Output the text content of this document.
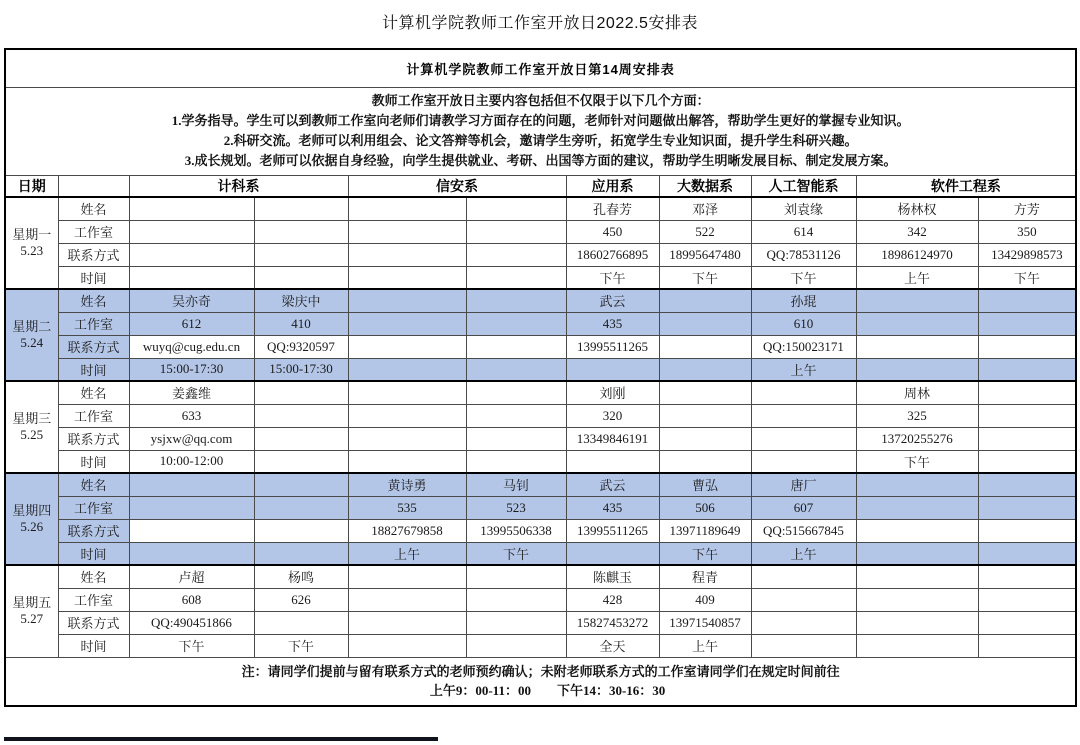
计算机学院教师工作室开放日2022.5安排表
计算机学院教师工作室开放日第14周安排表										

教师工作室开放日主要内容包括但不仅限于以下几个方面：
1.学务指导。学生可以到教师工作室向老师们请教学习方面存在的问题，老师针对问题做出解答，帮助学生更好的掌握专业知识。
2.科研交流。老师可以利用组会、论文答辩等机会，邀请学生旁听，拓宽学生专业知识面，提升学生科研兴趣。
3.成长规划。老师可以依据自身经验，向学生提供就业、考研、出国等方面的建议，帮助学生明晰发展目标、制定发展方案。										

日期		计科系		信安系		应用系	大数据系	人工智能系	软件工程系	

星期一
5.23	姓名					孔春芳	邓泽	刘袁缘	杨林权	方芳
	工作室					450	522	614	342	350
	联系方式					18602766895	18995647480	QQ:78531126	18986124970	13429898573
	时间					下午	下午	下午	上午	下午

星期二
5.24	姓名	吴亦奇	梁庆中			武云		孙琨		
	工作室	612	410			435		610		
	联系方式	wuyq@cug.edu.cn	QQ:9320597			13995511265		QQ:150023171		
	时间	15:00-17:30	15:00-17:30					上午		

星期三
5.25	姓名	姜鑫维				刘刚			周林	
	工作室	633				320			325	
	联系方式	ysjxw@qq.com				13349846191			13720255276	
	时间	10:00-12:00							下午	

星期四
5.26	姓名			黄诗勇	马钊	武云	曹弘	唐厂		
	工作室			535	523	435	506	607		
	联系方式			18827679858	13995506338	13995511265	13971189649	QQ:515667845		
	时间			上午	下午		下午	上午		

星期五
5.27	姓名	卢超	杨鸣			陈麒玉	程青			
	工作室	608	626			428	409			
	联系方式	QQ:490451866				15827453272	13971540857			
	时间	下午	下午			全天	上午			

注：请同学们提前与留有联系方式的老师预约确认；未附老师联系方式的工作室请同学们在规定时间前往
上午9：00-11：00　　下午14：30-16：30										
